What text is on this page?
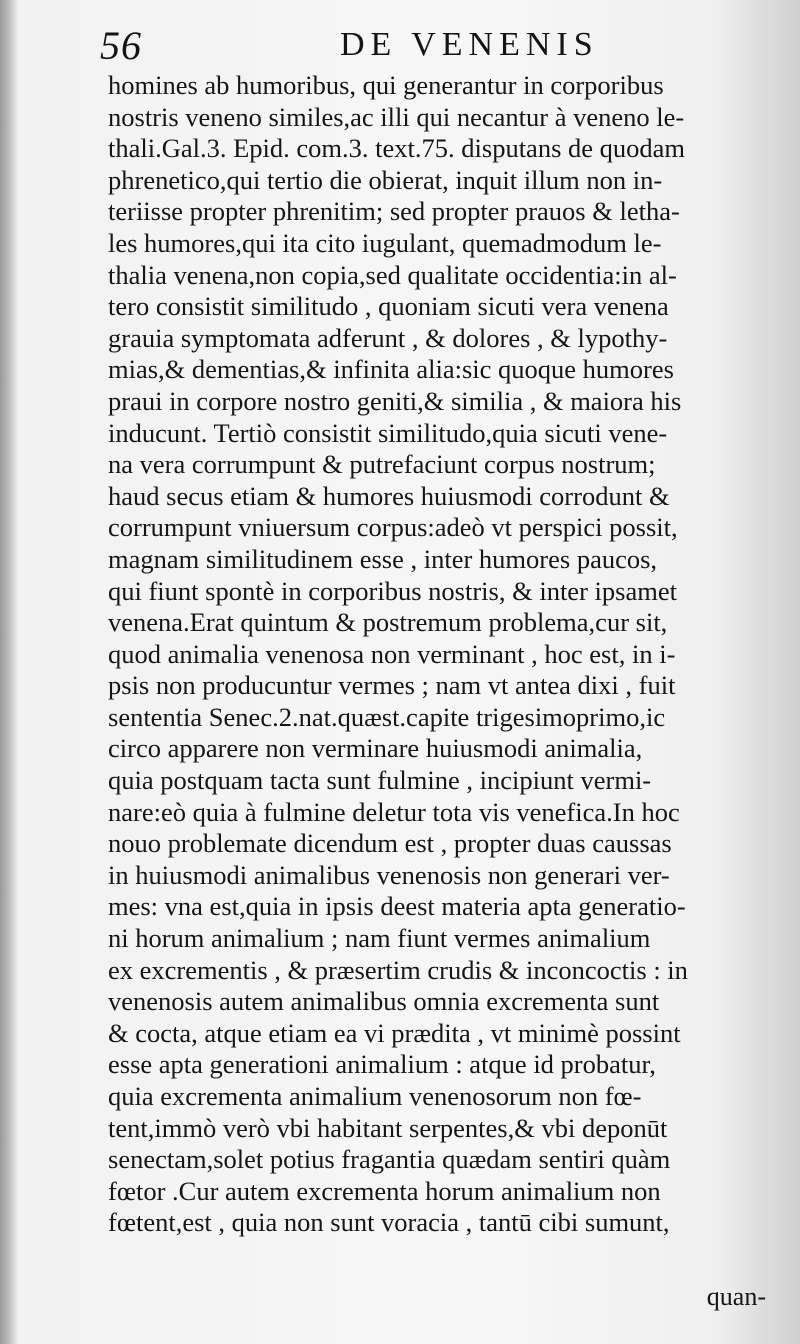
56	DE VENENIS
homines ab humoribus, qui generantur in corporibus
nostris veneno similes,ac illi qui necantur à veneno le-
thali.Gal.3. Epid. com.3. text.75. disputans de quodam
phrenetico,qui tertio die obierat, inquit illum non in-
teriisse propter phrenitim; sed propter prauos & letha-
les humores,qui ita cito iugulant, quemadmodum le-
thalia venena,non copia,sed qualitate occidentia:in al-
tero consistit similitudo , quoniam sicuti vera venena
grauia symptomata adferunt , & dolores , & lypothy-
mias,& dementias,& infinita alia:sic quoque humores
praui in corpore nostro geniti,& similia , & maiora his
inducunt. Tertiò consistit similitudo,quia sicuti vene-
na vera corrumpunt & putrefaciunt corpus nostrum;
haud secus etiam & humores huiusmodi corrodunt &
corrumpunt vniuersum corpus:adeò vt perspici possit,
magnam similitudinem esse , inter humores paucos,
qui fiunt spontè in corporibus nostris, & inter ipsamet
venena.Erat quintum & postremum problema,cur sit,
quod animalia venenosa non verminant , hoc est, in i-
psis non producuntur vermes ; nam vt antea dixi , fuit
sententia Senec.2.nat.quæst.capite trigesimoprimo,ic
circo apparere non verminare huiusmodi animalia,
quia postquam tacta sunt fulmine , incipiunt vermi-
nare:eò quia à fulmine deletur tota vis venefica.In hoc
nouo problemate dicendum est , propter duas caussas
in huiusmodi animalibus venenosis non generari ver-
mes: vna est,quia in ipsis deest materia apta generatio-
ni horum animalium ; nam fiunt vermes animalium
ex excrementis , & præsertim crudis & inconcoctis : in
venenosis autem animalibus omnia excrementa sunt
& cocta, atque etiam ea vi prædita , vt minimè possint
esse apta generationi animalium : atque id probatur,
quia excrementa animalium venenosorum non fœ-
tent,immò verò vbi habitant serpentes,& vbi deponūt
senectam,solet potius fragantia quædam sentiri quàm
fœtor .Cur autem excrementa horum animalium non
fœtent,est , quia non sunt voracia , tantū cibi sumunt,
quan-
